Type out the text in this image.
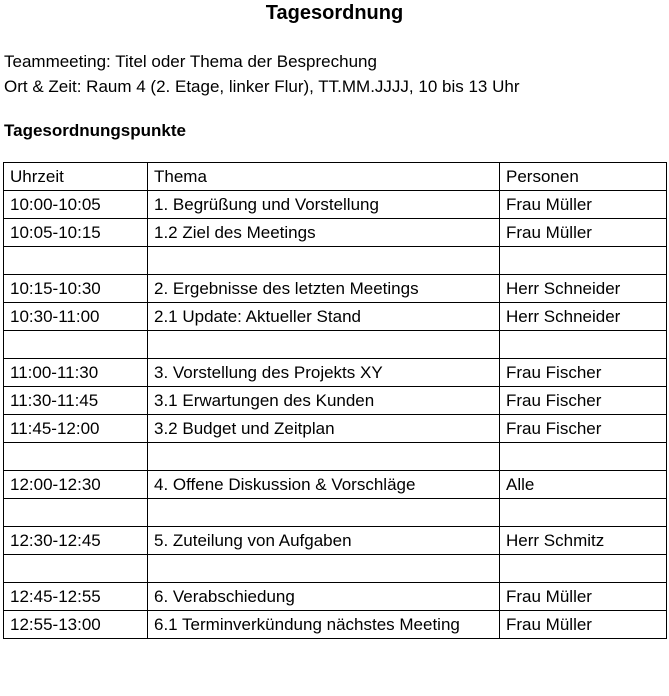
Tagesordnung
Teammeeting: Titel oder Thema der Besprechung
Ort & Zeit: Raum 4 (2. Etage, linker Flur), TT.MM.JJJJ, 10 bis 13 Uhr
Tagesordnungspunkte
Uhrzeit	Thema	Personen
10:00-10:05	1. Begrüßung und Vorstellung	Frau Müller
10:05-10:15	1.2 Ziel des Meetings	Frau Müller

10:15-10:30	2. Ergebnisse des letzten Meetings	Herr Schneider
10:30-11:00	2.1 Update: Aktueller Stand	Herr Schneider

11:00-11:30	3. Vorstellung des Projekts XY	Frau Fischer
11:30-11:45	3.1 Erwartungen des Kunden	Frau Fischer
11:45-12:00	3.2 Budget und Zeitplan	Frau Fischer

12:00-12:30	4. Offene Diskussion & Vorschläge	Alle

12:30-12:45	5. Zuteilung von Aufgaben	Herr Schmitz

12:45-12:55	6. Verabschiedung	Frau Müller
12:55-13:00	6.1 Terminverkündung nächstes Meeting	Frau Müller
